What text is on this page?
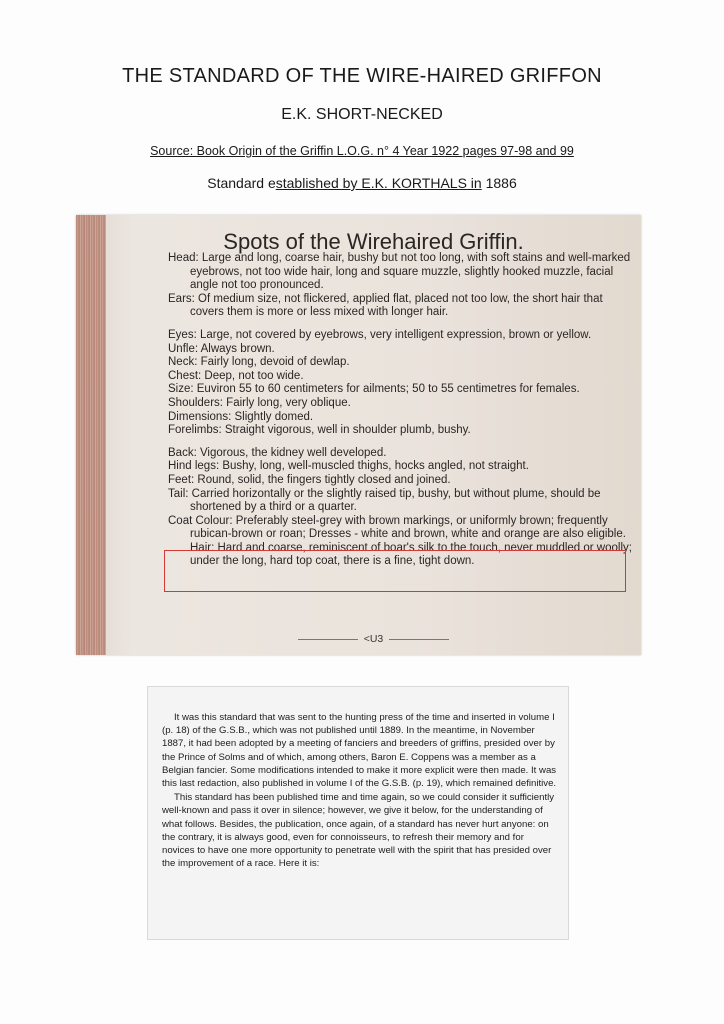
THE STANDARD OF THE WIRE-HAIRED GRIFFON
E.K. SHORT-NECKED
Source: Book Origin of the Griffin L.O.G. n° 4 Year 1922 pages 97-98 and 99
Standard established by E.K. KORTHALS in 1886
Spots of the Wirehaired Griffin.

Head: Large and long, coarse hair, bushy but not too long, with soft stains and well-marked eyebrows, not too wide hair, long and square muzzle, slightly hooked muzzle, facial angle not too pronounced.

Ears: Of medium size, not flickered, applied flat, placed not too low, the short hair that covers them is more or less mixed with longer hair.

Eyes: Large, not covered by eyebrows, very intelligent expression, brown or yellow.

Unfle: Always brown.

Neck: Fairly long, devoid of dewlap.

Chest: Deep, not too wide.

Size: Euviron 55 to 60 centimeters for ailments; 50 to 55 centimetres for females.

Shoulders: Fairly long, very oblique.

Dimensions: Slightly domed.

Forelimbs: Straight vigorous, well in shoulder plumb, bushy.

Back: Vigorous, the kidney well developed.

Hind legs: Bushy, long, well-muscled thighs, hocks angled, not straight.

Feet: Round, solid, the fingers tightly closed and joined.

Tail: Carried horizontally or the slightly raised tip, bushy, but without plume, should be shortened by a third or a quarter.

Coat Colour: Preferably steel-grey with brown markings, or uniformly brown; frequently rubican-brown or roan; Dresses - white and brown, white and orange are also eligible. Hair: Hard and coarse, reminiscent of boar's silk to the touch, never muddled or woolly; under the long, hard top coat, there is a fine, tight down.

<U3

It was this standard that was sent to the hunting press of the time and inserted in volume I (p. 18) of the G.S.B., which was not published until 1889. In the meantime, in November 1887, it had been adopted by a meeting of fanciers and breeders of griffins, presided over by the Prince of Solms and of which, among others, Baron E. Coppens was a member as a Belgian fancier. Some modifications intended to make it more explicit were then made. It was this last redaction, also published in volume I of the G.S.B. (p. 19), which remained definitive.

This standard has been published time and time again, so we could consider it sufficiently well-known and pass it over in silence; however, we give it below, for the understanding of what follows. Besides, the publication, once again, of a standard has never hurt anyone: on the contrary, it is always good, even for connoisseurs, to refresh their memory and for novices to have one more opportunity to penetrate well with the spirit that has presided over the improvement of a race. Here it is:
